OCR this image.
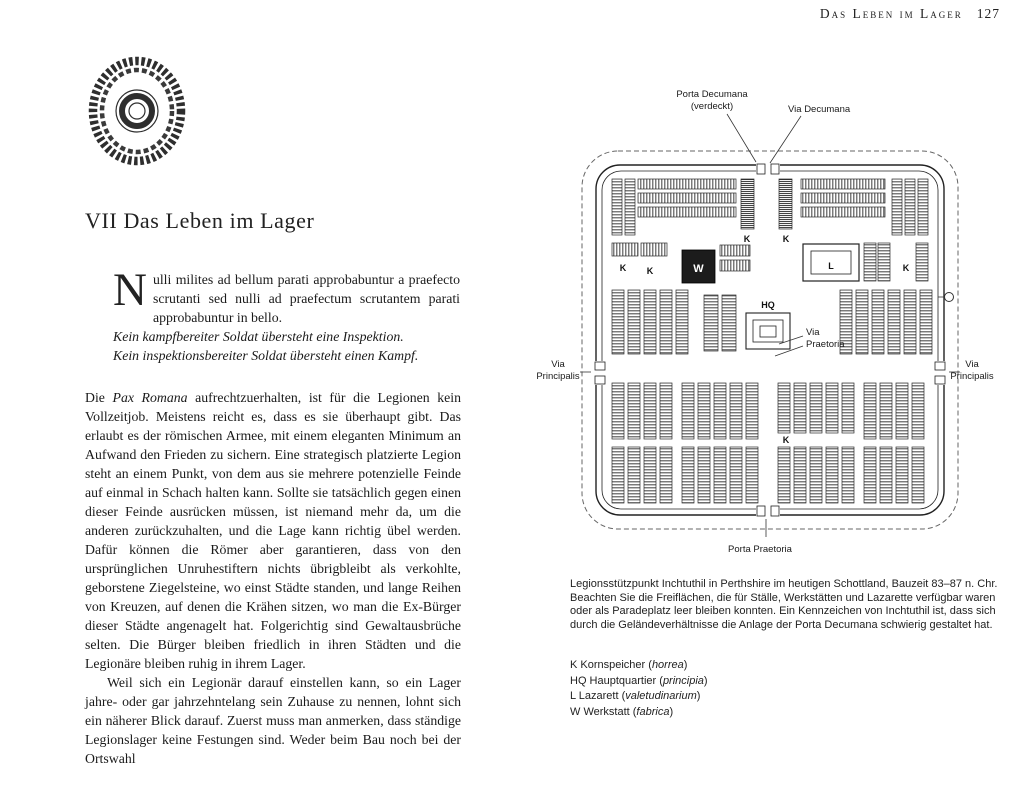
Das Leben im Lager 127
VII Das Leben im Lager

Nulli milites ad bellum parati approbabuntur a praefecto scrutanti sed nulli ad praefectum scrutantem parati approbabuntur in bello.

Kein kampfbereiter Soldat übersteht eine Inspektion.

Kein inspektionsbereiter Soldat übersteht einen Kampf.

Die Pax Romana aufrechtzuerhalten, ist für die Legionen kein Vollzeitjob. Meistens reicht es, dass es sie überhaupt gibt. Das erlaubt es der römischen Armee, mit einem eleganten Minimum an Aufwand den Frieden zu sichern. Eine strategisch platzierte Legion steht an einem Punkt, von dem aus sie mehrere potenzielle Feinde auf einmal in Schach halten kann. Sollte sie tatsächlich gegen einen dieser Feinde ausrücken müssen, ist niemand mehr da, um die anderen zurückzuhalten, und die Lage kann richtig übel werden. Dafür können die Römer aber garantieren, dass von den ursprünglichen Unruhestiftern nichts übrigbleibt als verkohlte, geborstene Ziegelsteine, wo einst Städte standen, und lange Reihen von Kreuzen, auf denen die Krähen sitzen, wo man die Ex-Bürger dieser Städte angenagelt hat. Folgerichtig sind Gewaltausbrüche selten. Die Bürger bleiben friedlich in ihren Städten und die Legionäre bleiben ruhig in ihrem Lager.

Weil sich ein Legionär darauf einstellen kann, so ein Lager jahre- oder gar jahrzehntelang sein Zuhause zu nennen, lohnt sich ein näherer Blick darauf. Zuerst muss man anmerken, dass ständige Legionslager keine Festungen sind. Weder beim Bau noch bei der Ortswahl

K	K
K K	W	L	K
HQ
Via
Praetoria
K
Porta Decumana
(verdeckt)	Via Decumana
Via
Principalis
Via
Principalis
Porta Praetoria

Legionsstützpunkt Inchtuthil in Perthshire im heutigen Schottland, Bauzeit 83–87 n. Chr. Beachten Sie die Freiflächen, die für Ställe, Werkstätten und Lazarette verfügbar waren oder als Paradeplatz leer bleiben konnten. Ein Kennzeichen von Inchtuthil ist, dass sich durch die Geländeverhältnisse die Anlage der Porta Decumana schwierig gestaltet hat.

K Kornspeicher (horrea)
HQ Hauptquartier (principia)
L Lazarett (valetudinarium)
W Werkstatt (fabrica)
